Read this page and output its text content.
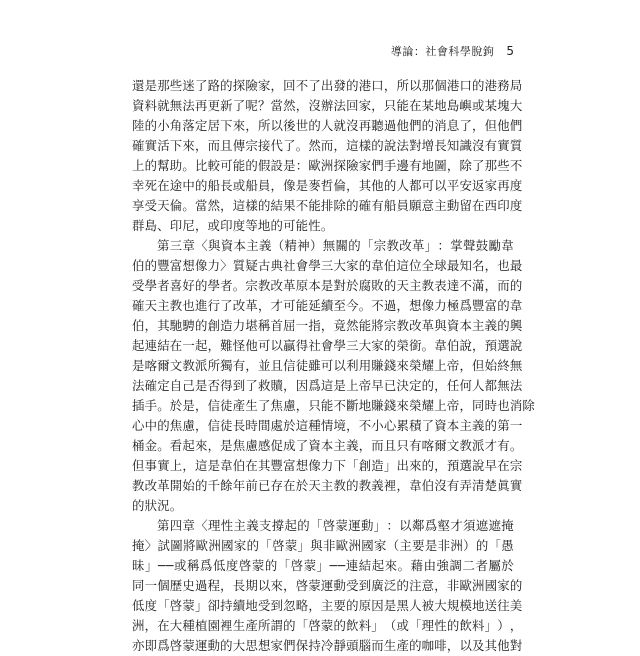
導論：社會科學脫鉤 5
還 是 那 些 迷 了 路 的 探 險 家 ， 回 不 了 出 發 的 港 口 ， 所 以 那 個 港 口 的 港 務 局
資 料 就 無 法 再 更 新 了 呢 ？ 當 然 ， 沒 辦 法 回 家 ， 只 能 在 某 地 島 嶼 或 某 塊 大
陸 的 小 角 落 定 居 下 來 ， 所 以 後 世 的 人 就 沒 再 聽 過 他 們 的 消 息 了 ， 但 他 們
確 實 活 下 來 ， 而 且 傳 宗 接 代 了 。 然 而 ， 這 樣 的 說 法 對 增 長 知 識 沒 有 實 質
上 的 幫 助 。 比 較 可 能 的 假 設 是 ： 歐 洲 探 險 家 們 手 邊 有 地 圖 ， 除 了 那 些 不
幸 死 在 途 中 的 船 長 或 船 員 ， 像 是 麥 哲 倫 ， 其 他 的 人 都 可 以 平 安 返 家 再 度
享 受 天 倫 。 當 然 ， 這 樣 的 結 果 不 能 排 除 的 確 有 船 員 願 意 主 動 留 在 西 印 度
群島、印尼，或印度等地的可能性。
第 三 章 〈 與 資 本 主 義 （ 精 神 ） 無 關 的 「 宗 教 改 革 」 ： 掌 聲 鼓 勵 韋
伯 的 豐 富 想 像 力 〉 質 疑 古 典 社 會 學 三 大 家 的 韋 伯 這 位 全 球 最 知 名 ， 也 最
受 學 者 喜 好 的 學 者 。 宗 教 改 革 原 本 是 對 於 腐 敗 的 天 主 教 表 達 不 滿 ， 而 的
確 天 主 教 也 進 行 了 改 革 ， 才 可 能 延 續 至 今 。 不 過 ， 想 像 力 極 爲 豐 富 的 韋
伯 ， 其 馳 騁 的 創 造 力 堪 稱 首 屈 一 指 ， 竟 然 能 將 宗 教 改 革 與 資 本 主 義 的 興
起 連 結 在 一 起 ， 難 怪 他 可 以 贏 得 社 會 學 三 大 家 的 榮 銜 。 韋 伯 說 ， 預 選 說
是 喀 爾 文 教 派 所 獨 有 ， 並 且 信 徒 雖 可 以 利 用 賺 錢 來 榮 耀 上 帝 ， 但 始 終 無
法 確 定 自 己 是 否 得 到 了 救 贖 ， 因 爲 這 是 上 帝 早 已 決 定 的 ， 任 何 人 都 無 法
插 手 。 於 是 ， 信 徒 產 生 了 焦 慮 ， 只 能 不 斷 地 賺 錢 來 榮 耀 上 帝 ， 同 時 也 消 除
心 中 的 焦 慮 ， 信 徒 長 時 間 處 於 這 種 情 境 ， 不 小 心 累 積 了 資 本 主 義 的 第 一
桶 金 。 看 起 來 ， 是 焦 慮 感 促 成 了 資 本 主 義 ， 而 且 只 有 喀 爾 文 教 派 才 有 。
但 事 實 上 ， 這 是 韋 伯 在 其 豐 富 想 像 力 下 「 創 造 」 出 來 的 ， 預 選 說 早 在 宗
教 改 革 開 始 的 千 餘 年 前 已 存 在 於 天 主 教 的 教 義 裡 ， 韋 伯 沒 有 弄 清 楚 眞 實
的狀況。
第 四 章 〈 理 性 主 義 支 撐 起 的 「 啓 蒙 運 動 」 ： 以 鄰 爲 壑 才 須 遮 遮 掩
掩 〉 試 圖 將 歐 洲 國 家 的 「 啓 蒙 」 與 非 歐 洲 國 家 （ 主 要 是 非 洲 ） 的 「 愚
昧 」 ─ ─ 或 稱 爲 低 度 啓 蒙 的 「 啓 蒙 」 ─ ─ 連 結 起 來 。 藉 由 強 調 二 者 屬 於
同 一 個 歷 史 過 程 ， 長 期 以 來 ， 啓 蒙 運 動 受 到 廣 泛 的 注 意 ， 非 歐 洲 國 家 的
低 度 「 啓 蒙 」 卻 持 續 地 受 到 忽 略 ， 主 要 的 原 因 是 黑 人 被 大 規 模 地 送 往 美
洲 ， 在 大 種 植 園 裡 生 產 所 謂 的 「 啓 蒙 的 飲 料 」 （ 或 「 理 性 的 飲 料 」 ） ，
亦 即 爲 啓 蒙 運 動 的 大 思 想 家 們 保 持 冷 靜 頭 腦 而 生 產 的 咖 啡 ， 以 及 其 他 對
